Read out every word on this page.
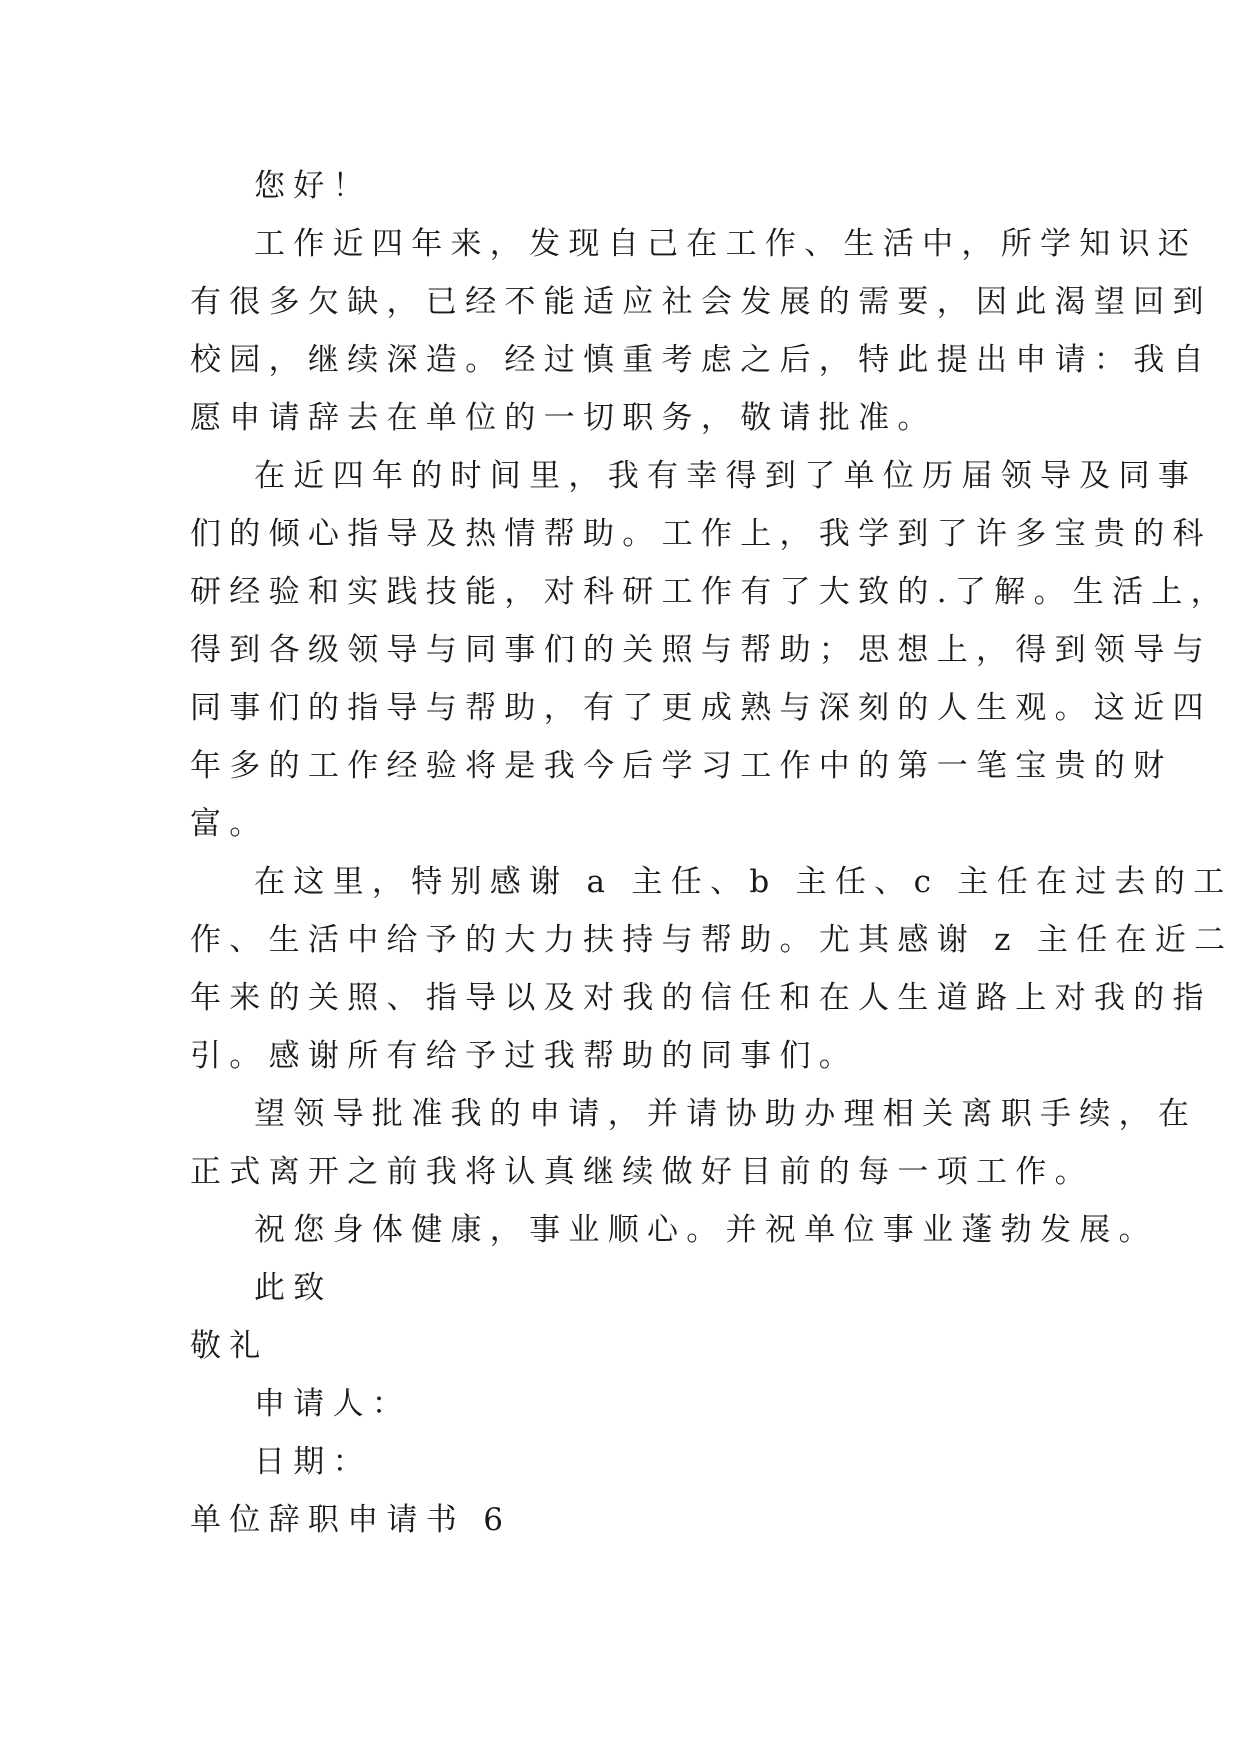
您好！
工作近四年来，发现自己在工作、生活中，所学知识还
有很多欠缺，已经不能适应社会发展的需要，因此渴望回到
校园，继续深造。经过慎重考虑之后，特此提出申请：我自
愿申请辞去在单位的一切职务，敬请批准。
在近四年的时间里，我有幸得到了单位历届领导及同事
们的倾心指导及热情帮助。工作上，我学到了许多宝贵的科
研经验和实践技能，对科研工作有了大致的.了解。生活上，
得到各级领导与同事们的关照与帮助；思想上，得到领导与
同事们的指导与帮助，有了更成熟与深刻的人生观。这近四
年多的工作经验将是我今后学习工作中的第一笔宝贵的财
富。
在这里，特别感谢 a 主任、b 主任、c 主任在过去的工
作、生活中给予的大力扶持与帮助。尤其感谢 z 主任在近二
年来的关照、指导以及对我的信任和在人生道路上对我的指
引。感谢所有给予过我帮助的同事们。
望领导批准我的申请，并请协助办理相关离职手续，在
正式离开之前我将认真继续做好目前的每一项工作。
祝您身体健康，事业顺心。并祝单位事业蓬勃发展。
此致
敬礼
申请人：
日期：
单位辞职申请书 6
